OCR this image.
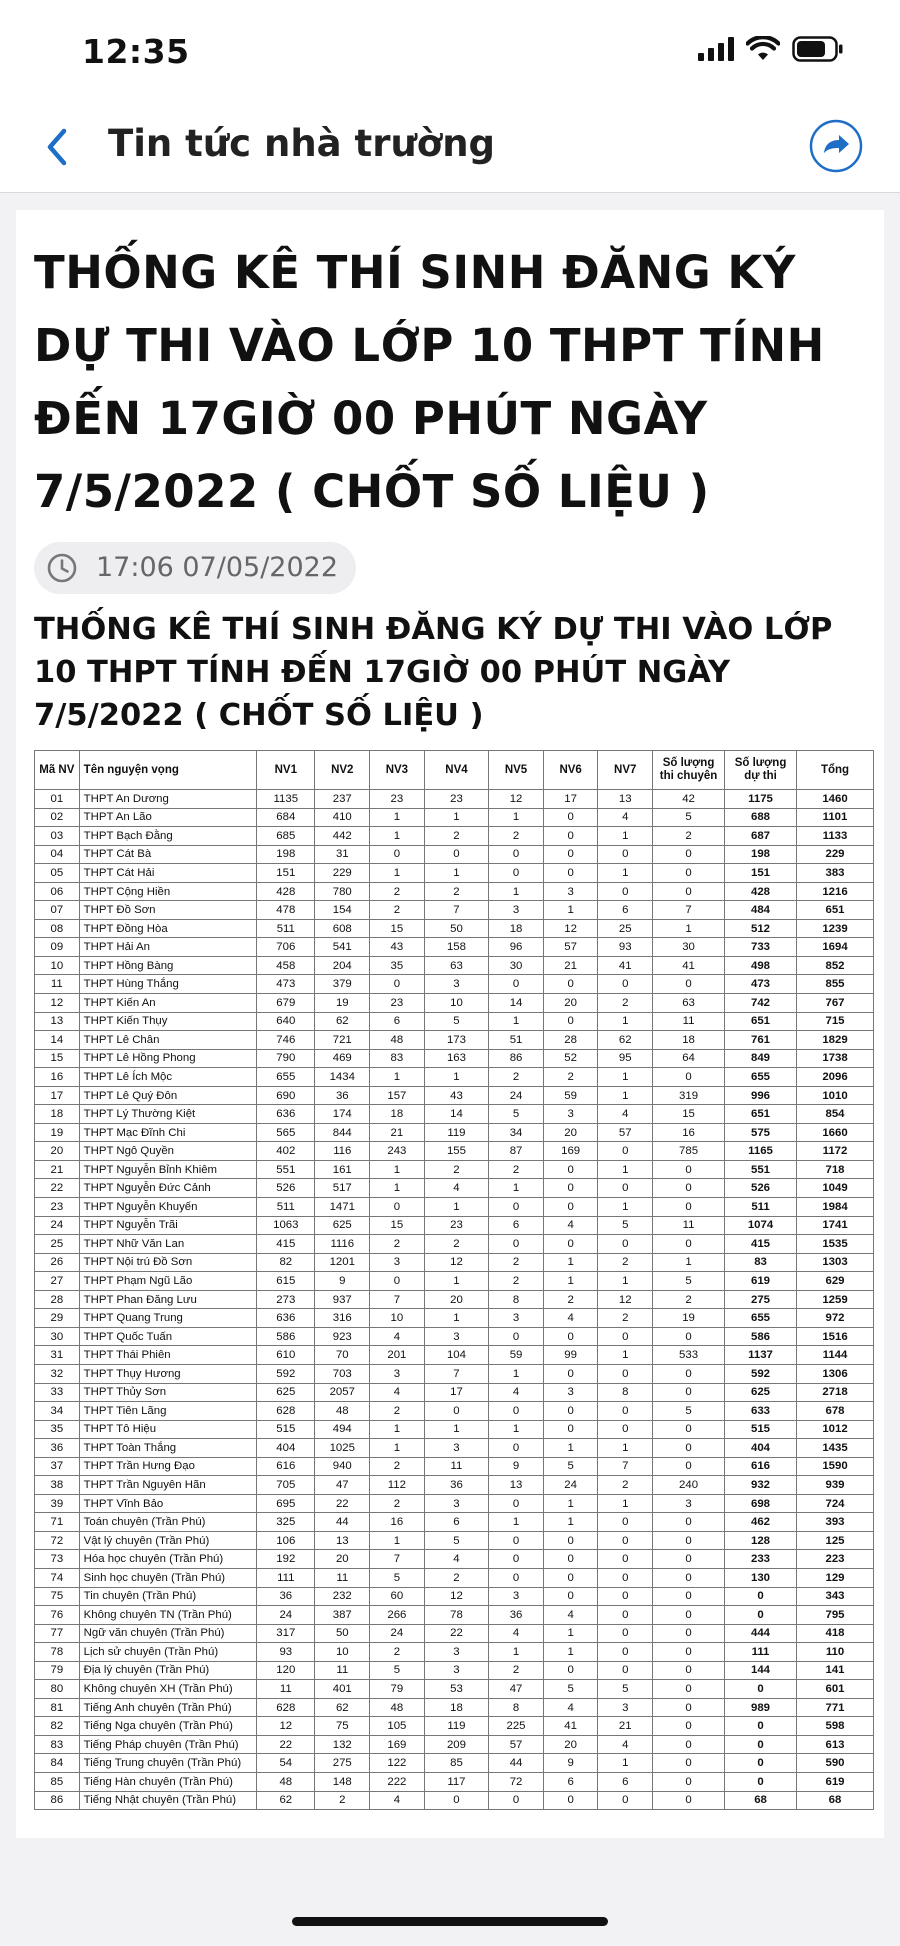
12:35
Tin tức nhà trường
THỐNG KÊ THÍ SINH ĐĂNG KÝ DỰ THI VÀO LỚP 10 THPT TÍNH ĐẾN 17GIỜ 00 PHÚT NGÀY 7/5/2022 ( CHỐT SỐ LIỆU )
17:06 07/05/2022
THỐNG KÊ THÍ SINH ĐĂNG KÝ DỰ THI VÀO LỚP 10 THPT TÍNH ĐẾN 17GIỜ 00 PHÚT NGÀY 7/5/2022 ( CHỐT SỐ LIỆU )
Mã NV	Tên nguyện vọng	NV1	NV2	NV3	NV4	NV5	NV6	NV7	Số lượng thi chuyên	Số lượng dự thi	Tổng
01	THPT An Dương	1135	237	23	23	12	17	13	42	1175	1460
02	THPT An Lão	684	410	1	1	1	0	4	5	688	1101
03	THPT Bạch Đằng	685	442	1	2	2	0	1	2	687	1133
04	THPT Cát Bà	198	31	0	0	0	0	0	0	198	229
05	THPT Cát Hải	151	229	1	1	0	0	1	0	151	383
06	THPT Cộng Hiền	428	780	2	2	1	3	0	0	428	1216
07	THPT Đồ Sơn	478	154	2	7	3	1	6	7	484	651
08	THPT Đồng Hòa	511	608	15	50	18	12	25	1	512	1239
09	THPT Hải An	706	541	43	158	96	57	93	30	733	1694
10	THPT Hồng Bàng	458	204	35	63	30	21	41	41	498	852
11	THPT Hùng Thắng	473	379	0	3	0	0	0	0	473	855
12	THPT Kiến An	679	19	23	10	14	20	2	63	742	767
13	THPT Kiến Thụy	640	62	6	5	1	0	1	11	651	715
14	THPT Lê Chân	746	721	48	173	51	28	62	18	761	1829
15	THPT Lê Hồng Phong	790	469	83	163	86	52	95	64	849	1738
16	THPT Lê Ích Mộc	655	1434	1	1	2	2	1	0	655	2096
17	THPT Lê Quý Đôn	690	36	157	43	24	59	1	319	996	1010
18	THPT Lý Thường Kiệt	636	174	18	14	5	3	4	15	651	854
19	THPT Mạc Đĩnh Chi	565	844	21	119	34	20	57	16	575	1660
20	THPT Ngô Quyền	402	116	243	155	87	169	0	785	1165	1172
21	THPT Nguyễn Bỉnh Khiêm	551	161	1	2	2	0	1	0	551	718
22	THPT Nguyễn Đức Cảnh	526	517	1	4	1	0	0	0	526	1049
23	THPT Nguyễn Khuyến	511	1471	0	1	0	0	1	0	511	1984
24	THPT Nguyễn Trãi	1063	625	15	23	6	4	5	11	1074	1741
25	THPT Nhữ Văn Lan	415	1116	2	2	0	0	0	0	415	1535
26	THPT Nội trú Đồ Sơn	82	1201	3	12	2	1	2	1	83	1303
27	THPT Phạm Ngũ Lão	615	9	0	1	2	1	1	5	619	629
28	THPT Phan Đăng Lưu	273	937	7	20	8	2	12	2	275	1259
29	THPT Quang Trung	636	316	10	1	3	4	2	19	655	972
30	THPT Quốc Tuấn	586	923	4	3	0	0	0	0	586	1516
31	THPT Thái Phiên	610	70	201	104	59	99	1	533	1137	1144
32	THPT Thụy Hương	592	703	3	7	1	0	0	0	592	1306
33	THPT Thủy Sơn	625	2057	4	17	4	3	8	0	625	2718
34	THPT Tiên Lãng	628	48	2	0	0	0	0	5	633	678
35	THPT Tô Hiệu	515	494	1	1	1	0	0	0	515	1012
36	THPT Toàn Thắng	404	1025	1	3	0	1	1	0	404	1435
37	THPT Trần Hưng Đạo	616	940	2	11	9	5	7	0	616	1590
38	THPT Trần Nguyên Hãn	705	47	112	36	13	24	2	240	932	939
39	THPT Vĩnh Bảo	695	22	2	3	0	1	1	3	698	724
71	Toán chuyên (Trần Phú)	325	44	16	6	1	1	0	0	462	393
72	Vật lý chuyên (Trần Phú)	106	13	1	5	0	0	0	0	128	125
73	Hóa học chuyên (Trần Phú)	192	20	7	4	0	0	0	0	233	223
74	Sinh học chuyên (Trần Phú)	111	11	5	2	0	0	0	0	130	129
75	Tin chuyên (Trần Phú)	36	232	60	12	3	0	0	0	0	343
76	Không chuyên TN (Trần Phú)	24	387	266	78	36	4	0	0	0	795
77	Ngữ văn chuyên (Trần Phú)	317	50	24	22	4	1	0	0	444	418
78	Lịch sử chuyên (Trần Phú)	93	10	2	3	1	1	0	0	111	110
79	Địa lý chuyên (Trần Phú)	120	11	5	3	2	0	0	0	144	141
80	Không chuyên XH (Trần Phú)	11	401	79	53	47	5	5	0	0	601
81	Tiếng Anh chuyên (Trần Phú)	628	62	48	18	8	4	3	0	989	771
82	Tiếng Nga chuyên (Trần Phú)	12	75	105	119	225	41	21	0	0	598
83	Tiếng Pháp chuyên (Trần Phú)	22	132	169	209	57	20	4	0	0	613
84	Tiếng Trung chuyên (Trần Phú)	54	275	122	85	44	9	1	0	0	590
85	Tiếng Hàn chuyên (Trần Phú)	48	148	222	117	72	6	6	0	0	619
86	Tiếng Nhật chuyên (Trần Phú)	62	2	4	0	0	0	0	0	68	68
